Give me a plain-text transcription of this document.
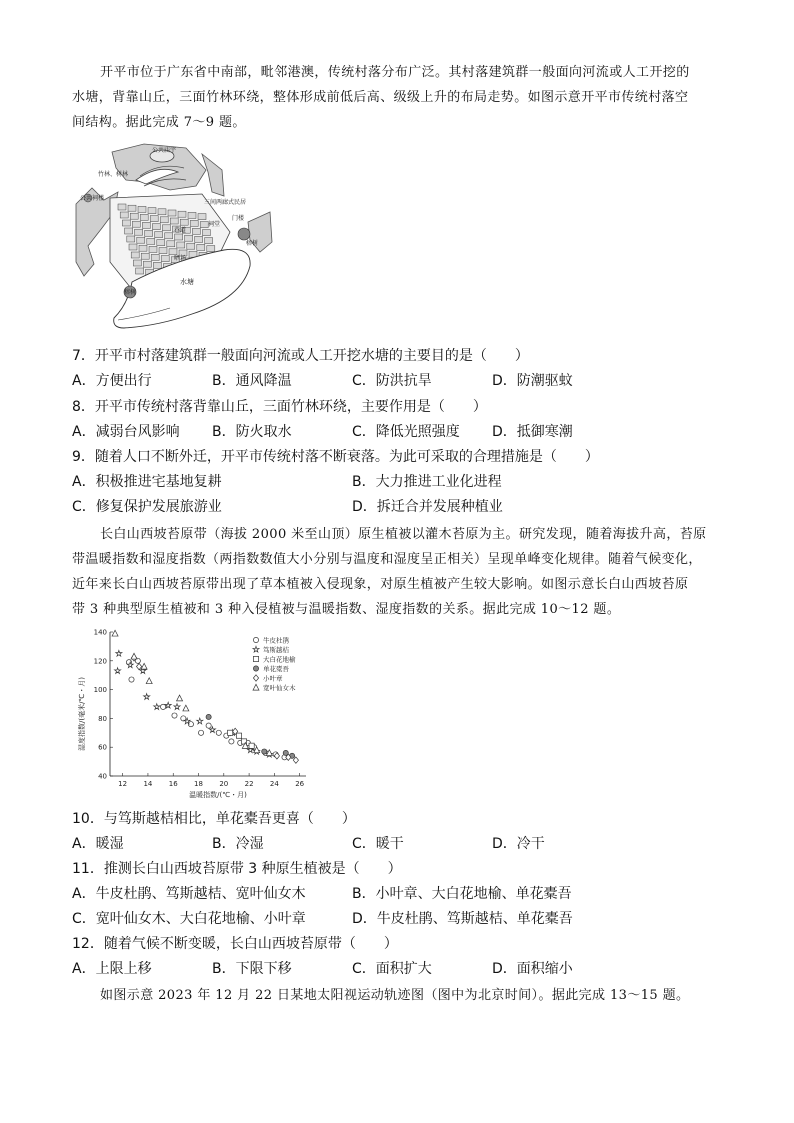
开平市位于广东省中南部，毗邻港澳，传统村落分布广泛。其村落建筑群一般面向河流或人工开挖的
水塘，背靠山丘，三面竹林环绕，整体形成前低后高、级级上升的布局走势。如图示意开平市传统村落空
间结构。据此完成 7～9 题。
公共庙宇
竹林、树林
公共祠楼
三间两廊式民居
祠堂
门楼
榕树
巷道
晒场
榕树
水塘
7．开平市村落建筑群一般面向河流或人工开挖水塘的主要目的是（　　）
A．方便出行	B．通风降温	C．防洪抗旱	D．防潮驱蚊
8．开平市传统村落背靠山丘，三面竹林环绕，主要作用是（　　）
A．减弱台风影响 B．防火取水	C．降低光照强度 D．抵御寒潮
9．随着人口不断外迁，开平市传统村落不断衰落。为此可采取的合理措施是（　　）
A．积极推进宅基地复耕	B．大力推进工业化进程
C．修复保护发展旅游业	D．拆迁合并发展种植业
长白山西坡苔原带（海拔 2000 米至山顶）原生植被以灌木苔原为主。研究发现，随着海拔升高，苔原
带温暖指数和湿度指数（两指数数值大小分别与温度和湿度呈正相关）呈现单峰变化规律。随着气候变化，
近年来长白山西坡苔原带出现了草本植被入侵现象，对原生植被产生较大影响。如图示意长白山西坡苔原
带 3 种典型原生植被和 3 种入侵植被与温暖指数、湿度指数的关系。据此完成 10～12 题。
12 14 16 18 20 22 24 26
40
60
80
100
120
140
牛皮杜鹃
笃斯越桔
大白花地榆
单花橐吾
小叶章
宽叶仙女木
温暖指数/(℃・月)
湿度指数/(毫米/℃・月)
10．与笃斯越桔相比，单花橐吾更喜（　　）
A．暖湿	B．冷湿	C．暖干	D．冷干
11．推测长白山西坡苔原带 3 种原生植被是（　　）
A．牛皮杜鹃、笃斯越桔、宽叶仙女木	B．小叶章、大白花地榆、单花橐吾
C．宽叶仙女木、大白花地榆、小叶章	D．牛皮杜鹃、笃斯越桔、单花橐吾
12．随着气候不断变暖，长白山西坡苔原带（　　）
A．上限上移	B．下限下移	C．面积扩大	D．面积缩小
如图示意 2023 年 12 月 22 日某地太阳视运动轨迹图（图中为北京时间）。据此完成 13～15 题。
